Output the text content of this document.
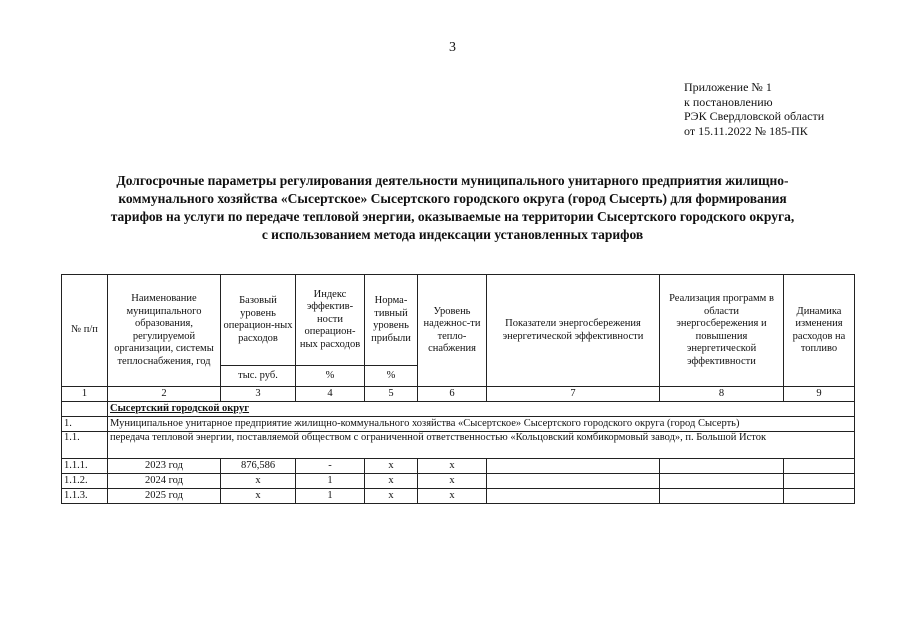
3
Приложение № 1
к постановлению
РЭК Свердловской области
от 15.11.2022 № 185-ПК
Долгосрочные параметры регулирования деятельности муниципального унитарного предприятия жилищно-
коммунального хозяйства «Сысертское» Сысертского городского округа (город Сысерть) для формирования
тарифов на услуги по передаче тепловой энергии, оказываемые на территории Сысертского городского округа,
с использованием метода индексации установленных тарифов
№ п/п	Наименование муниципального образования, регулируемой организации, системы теплоснабжения, год	Базовый уровень операцион-ных расходов	Индекс эффектив-ности операцион-ных расходов	Норма-тивный уровень прибыли	Уровень надежнос-ти тепло-снабжения	Показатели энергосбережения энергетической эффективности	Реализация программ в области энергосбережения и повышения энергетической эффективности	Динамика изменения расходов на топливо
		тыс. руб.	%	%				
1	2	3	4	5	6	7	8	9
	Сысертский городской округ							
1.	Муниципальное унитарное предприятие жилищно-коммунального хозяйства «Сысертское» Сысертского городского округа (город Сысерть)							
1.1.	передача тепловой энергии, поставляемой обществом с ограниченной ответственностью «Кольцовский комбикормовый завод», п. Большой Исток							
1.1.1.	2023 год	876,586	-	х	х			
1.1.2.	2024 год	х	1	х	х			
1.1.3.	2025 год	х	1	х	х			
